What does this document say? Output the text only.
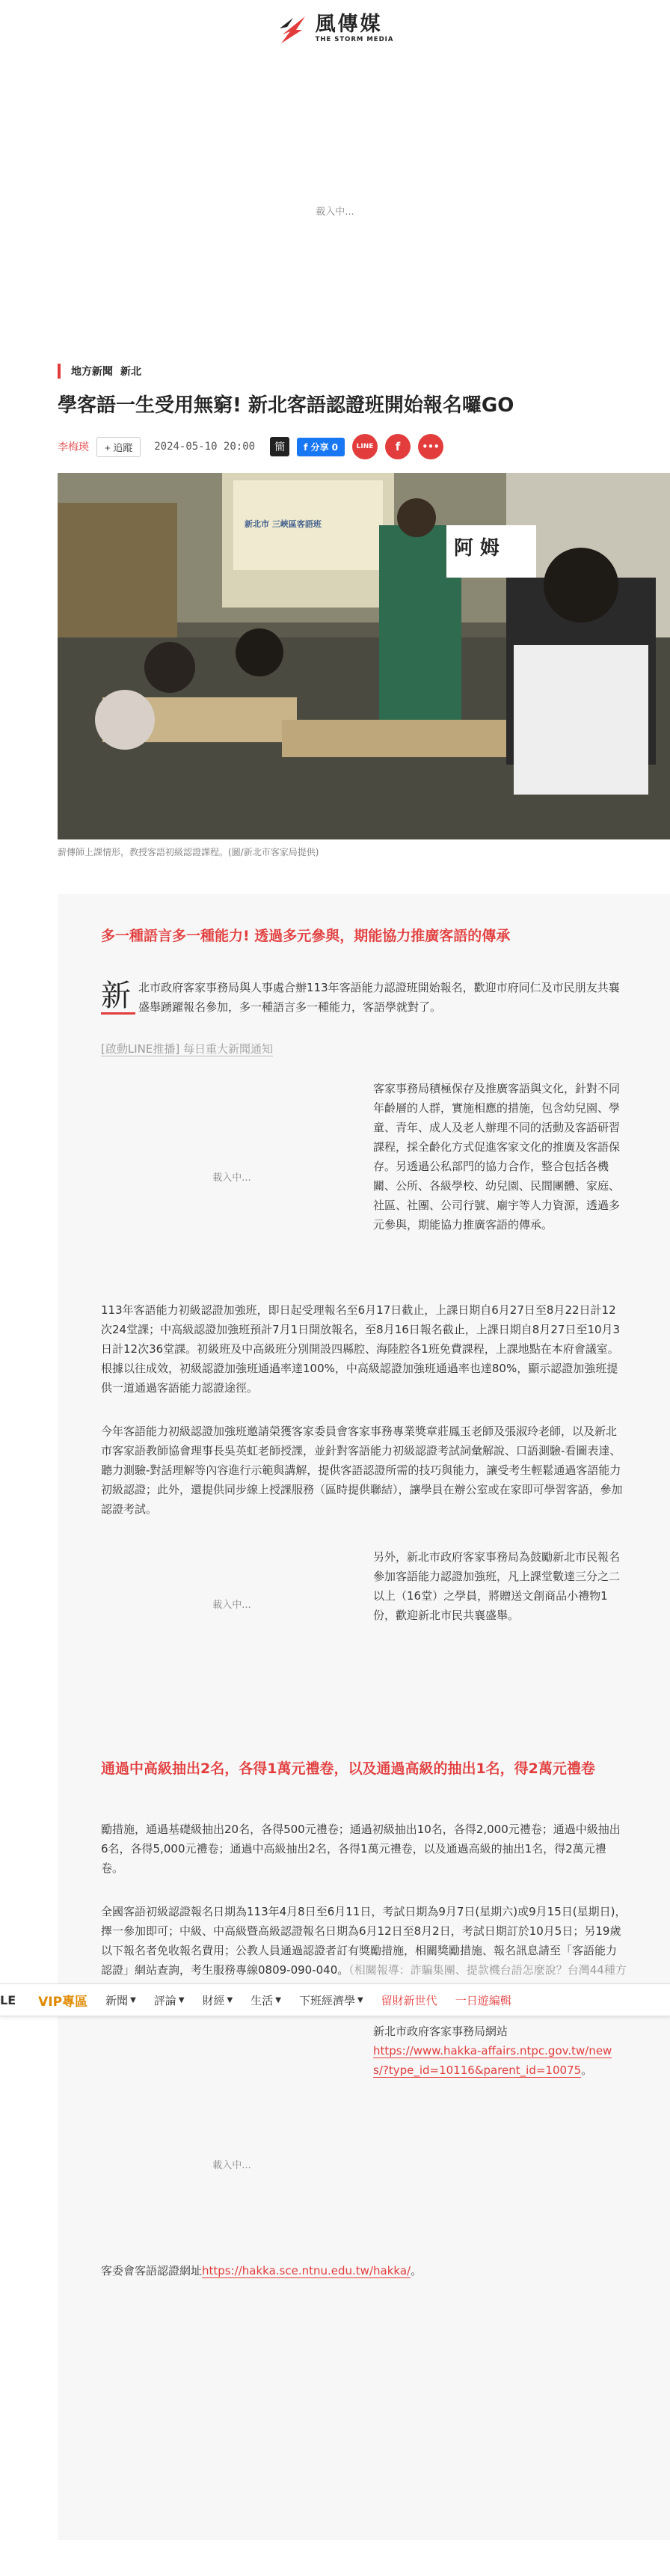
風傳媒
THE STORM MEDIA
載入中...
地方新聞 新北
學客語一生受用無窮! 新北客語認證班開始報名囉GO
李梅瑛	+ 追蹤	2024-05-10 20:00	簡	f 分享 0	LINE	f	•••
阿 姆
新北市 三峽區客語班

薪傳師上課情形，教授客語初級認證課程。(圖/新北市客家局提供)

多一種語言多一種能力! 透過多元參與，期能協力推廣客語的傳承

新 北市政府客家事務局與人事處合辦113年客語能力認證班開始報名，歡迎市府同仁及市民朋友共襄盛舉踴躍報名參加，多一種語言多一種能力，客語學就對了。

[啟動LINE推播] 每日重大新聞通知
載入中...

客家事務局積極保存及推廣客語與文化，針對不同年齡層的人群，實施相應的措施，包含幼兒園、學童、青年、成人及老人辦理不同的活動及客語研習課程，採全齡化方式促進客家文化的推廣及客語保存。另透過公私部門的協力合作，整合包括各機關、公所、各級學校、幼兒園、民間團體、家庭、社區、社團、公司行號、廟宇等人力資源，透過多元參與，期能協力推廣客語的傳承。

113年客語能力初級認證加強班，即日起受理報名至6月17日截止，上課日期自6月27日至8月22日計12次24堂課；中高級認證加強班預計7月1日開放報名，至8月16日報名截止，上課日期自8月27日至10月3日計12次36堂課。初級班及中高級班分別開設四縣腔、海陸腔各1班免費課程，上課地點在本府會議室。根據以往成效，初級認證加強班通過率達100%，中高級認證加強班通過率也達80%，顯示認證加強班提供一道通過客語能力認證途徑。

今年客語能力初級認證加強班邀請榮獲客家委員會客家事務專業獎章莊鳳玉老師及張淑玲老師，以及新北市客家語教師協會理事長吳英虹老師授課，並針對客語能力初級認證考試詞彙解說、口語測驗-看圖表達、聽力測驗-對話理解等內容進行示範與講解，提供客語認證所需的技巧與能力，讓受考生輕鬆通過客語能力初級認證；此外，還提供同步線上授課服務（區時提供聯結），讓學員在辦公室或在家即可學習客語，參加認證考試。

載入中...

另外，新北市政府客家事務局為鼓勵新北市民報名參加客語能力認證加強班，凡上課堂數達三分之二以上（16堂）之學員，將贈送文創商品小禮物1份，歡迎新北市民共襄盛舉。

通過中高級抽出2名，各得1萬元禮卷，以及通過高級的抽出1名，得2萬元禮卷

勵措施，通過基礎級抽出20名，各得500元禮卷；通過初級抽出10名，各得2,000元禮卷；通過中級抽出6名，各得5,000元禮卷；通過中高級抽出2名，各得1萬元禮卷，以及通過高級的抽出1名，得2萬元禮卷。

全國客語初級認證報名日期為113年4月8日至6月11日，考試日期為9月7日(星期六)或9月15日(星期日)，擇一參加即可；中級、中高級暨高級認證報名日期為6月12日至8月2日，考試日期訂於10月5日；另19歲以下報名者免收報名費用；公教人員通過認證者訂有獎勵措施，相關獎勵措施、報名訊息請至「客語能力認證」網站查詢，考生服務專線0809-090-040。（相關報導：詐騙集團、提款機台語怎麼說？台灣44種方

載入中...

新北市政府客家事務局網站
https://www.hakka-affairs.ntpc.gov.tw/news/?type_id=10116&parent_id=10075。

客委會客語認證網址https://hakka.sce.ntnu.edu.tw/hakka/。

LE	VIP專區	新聞 ▼ 評論 ▼ 財經 ▼ 生活 ▼ 下班經濟學 ▼	留財新世代	一日遊編輯
